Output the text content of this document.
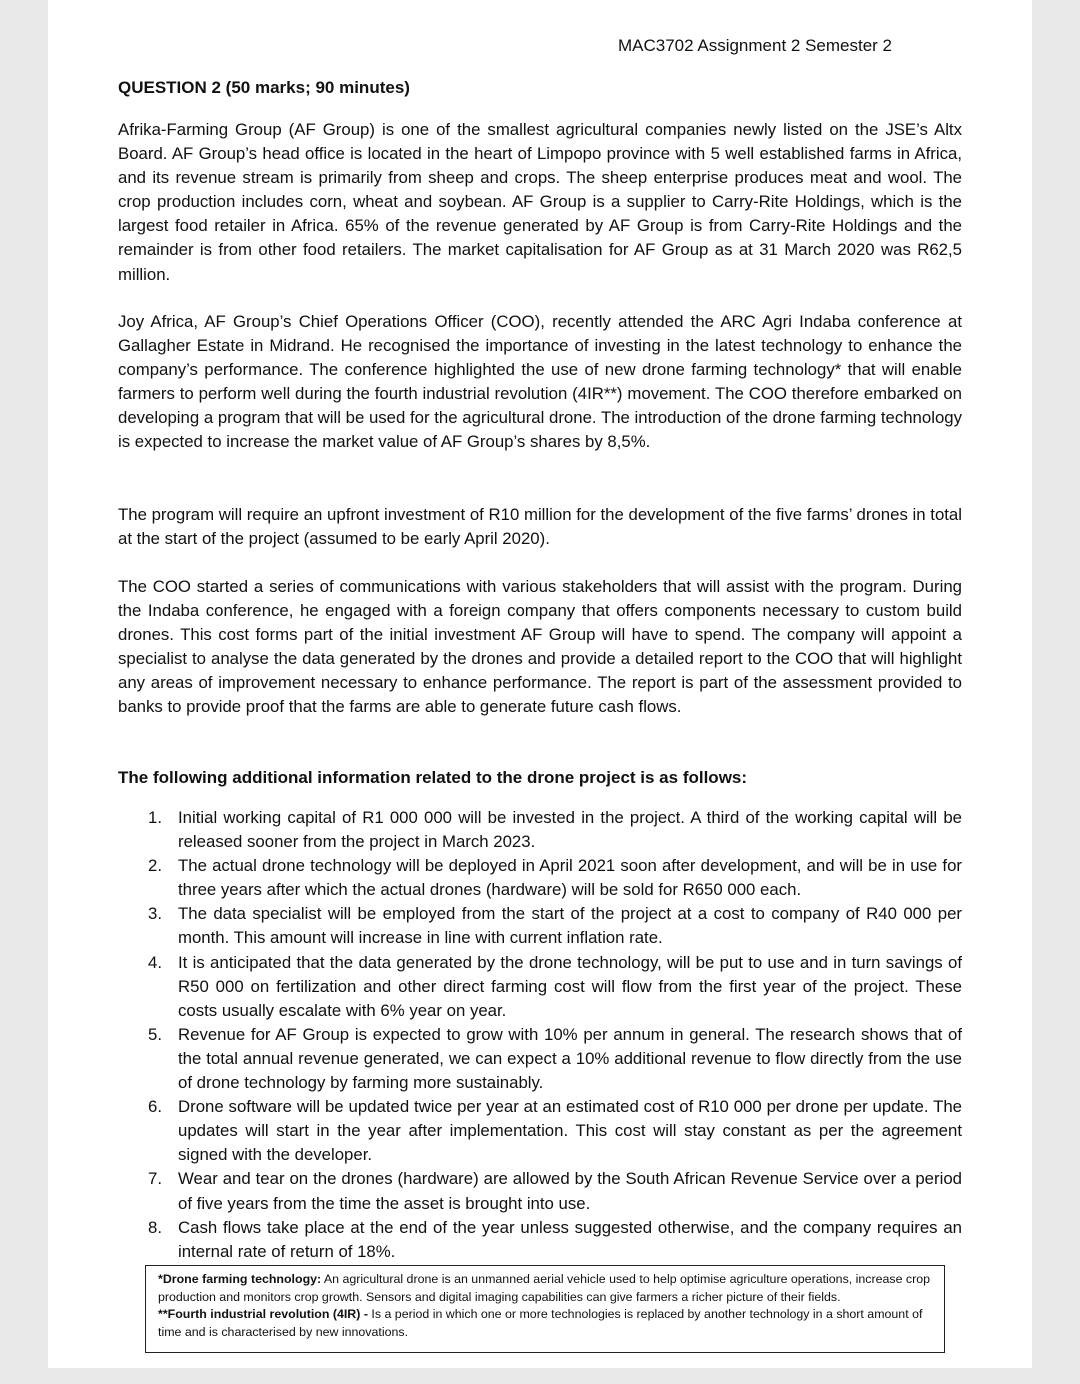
MAC3702 Assignment 2 Semester 2
QUESTION 2 (50 marks; 90 minutes)

Afrika-Farming Group (AF Group) is one of the smallest agricultural companies newly listed on the JSE’s Altx Board. AF Group’s head office is located in the heart of Limpopo province with 5 well established farms in Africa, and its revenue stream is primarily from sheep and crops. The sheep enterprise produces meat and wool. The crop production includes corn, wheat and soybean. AF Group is a supplier to Carry-Rite Holdings, which is the largest food retailer in Africa. 65% of the revenue generated by AF Group is from Carry-Rite Holdings and the remainder is from other food retailers. The market capitalisation for AF Group as at 31 March 2020 was R62,5 million.

Joy Africa, AF Group’s Chief Operations Officer (COO), recently attended the ARC Agri Indaba conference at Gallagher Estate in Midrand. He recognised the importance of investing in the latest technology to enhance the company’s performance. The conference highlighted the use of new drone farming technology* that will enable farmers to perform well during the fourth industrial revolution (4IR**) movement. The COO therefore embarked on developing a program that will be used for the agricultural drone. The introduction of the drone farming technology is expected to increase the market value of AF Group’s shares by 8,5%.

The program will require an upfront investment of R10 million for the development of the five farms’ drones in total at the start of the project (assumed to be early April 2020).

The COO started a series of communications with various stakeholders that will assist with the program. During the Indaba conference, he engaged with a foreign company that offers components necessary to custom build drones. This cost forms part of the initial investment AF Group will have to spend. The company will appoint a specialist to analyse the data generated by the drones and provide a detailed report to the COO that will highlight any areas of improvement necessary to enhance performance. The report is part of the assessment provided to banks to provide proof that the farms are able to generate future cash flows.

The following additional information related to the drone project is as follows:
1. Initial working capital of R1 000 000 will be invested in the project. A third of the working capital will be released sooner from the project in March 2023.
2. The actual drone technology will be deployed in April 2021 soon after development, and will be in use for three years after which the actual drones (hardware) will be sold for R650 000 each.
3. The data specialist will be employed from the start of the project at a cost to company of R40 000 per month. This amount will increase in line with current inflation rate.
4. It is anticipated that the data generated by the drone technology, will be put to use and in turn savings of R50 000 on fertilization and other direct farming cost will flow from the first year of the project. These costs usually escalate with 6% year on year.
5. Revenue for AF Group is expected to grow with 10% per annum in general. The research shows that of the total annual revenue generated, we can expect a 10% additional revenue to flow directly from the use of drone technology by farming more sustainably.
6. Drone software will be updated twice per year at an estimated cost of R10 000 per drone per update. The updates will start in the year after implementation. This cost will stay constant as per the agreement signed with the developer.
7. Wear and tear on the drones (hardware) are allowed by the South African Revenue Service over a period of five years from the time the asset is brought into use.
8. Cash flows take place at the end of the year unless suggested otherwise, and the company requires an internal rate of return of 18%.

*Drone farming technology: An agricultural drone is an unmanned aerial vehicle used to help optimise agriculture operations, increase crop production and monitors crop growth. Sensors and digital imaging capabilities can give farmers a richer picture of their fields.

**Fourth industrial revolution (4IR) - Is a period in which one or more technologies is replaced by another technology in a short amount of time and is characterised by new innovations.
